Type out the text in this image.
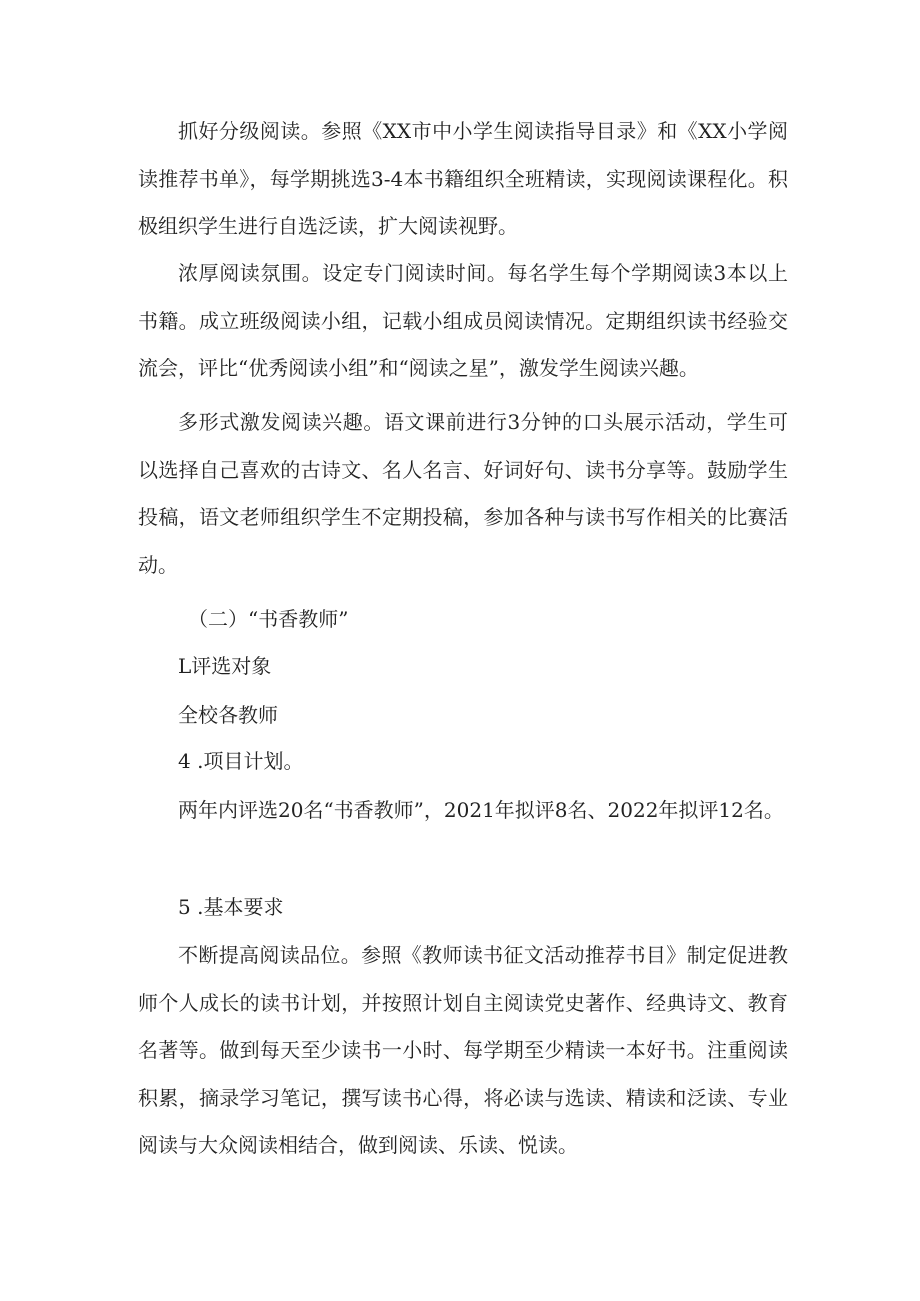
抓好分级阅读。参照《XX市中小学生阅读指导目录》和《XX小学阅读推荐书单》，每学期挑选3-4本书籍组织全班精读，实现阅读课程化。积极组织学生进行自选泛读，扩大阅读视野。

浓厚阅读氛围。设定专门阅读时间。每名学生每个学期阅读3本以上书籍。成立班级阅读小组，记载小组成员阅读情况。定期组织读书经验交流会，评比“优秀阅读小组”和“阅读之星”，激发学生阅读兴趣。

多形式激发阅读兴趣。语文课前进行3分钟的口头展示活动，学生可以选择自己喜欢的古诗文、名人名言、好词好句、读书分享等。鼓励学生投稿，语文老师组织学生不定期投稿，参加各种与读书写作相关的比赛活动。

（二）“书香教师”

L评选对象

全校各教师

4 .项目计划。

两年内评选20名“书香教师”，2021年拟评8名、2022年拟评12名。

5 .基本要求

不断提高阅读品位。参照《教师读书征文活动推荐书目》制定促进教师个人成长的读书计划，并按照计划自主阅读党史著作、经典诗文、教育名著等。做到每天至少读书一小时、每学期至少精读一本好书。注重阅读积累，摘录学习笔记，撰写读书心得，将必读与选读、精读和泛读、专业阅读与大众阅读相结合，做到阅读、乐读、悦读。
